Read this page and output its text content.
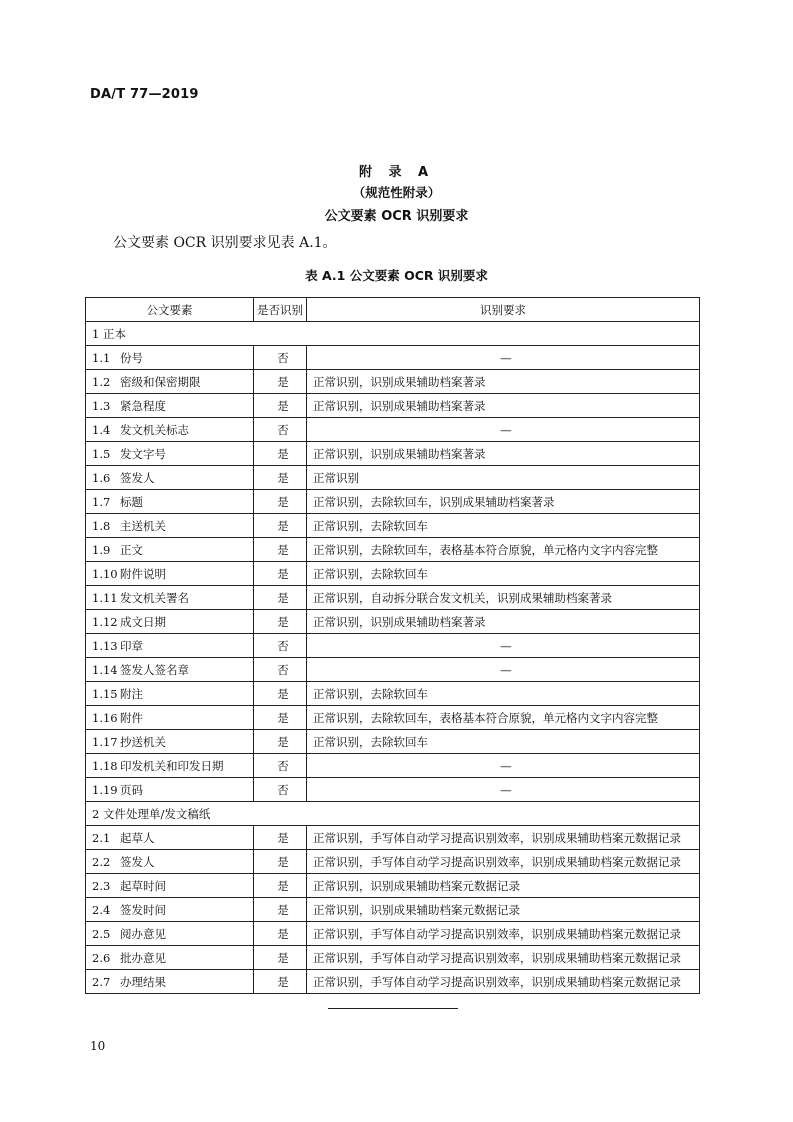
DA/T 77—2019
附 录 A
（规范性附录）
公文要素 OCR 识别要求
公文要素 OCR 识别要求见表 A.1。
表 A.1 公文要素 OCR 识别要求
公文要素	是否识别	识别要求
1 正本		
1.1 份号	否	—
1.2 密级和保密期限	是	正常识别，识别成果辅助档案著录
1.3 紧急程度	是	正常识别，识别成果辅助档案著录
1.4 发文机关标志	否	—
1.5 发文字号	是	正常识别，识别成果辅助档案著录
1.6 签发人	是	正常识别
1.7 标题	是	正常识别，去除软回车，识别成果辅助档案著录
1.8 主送机关	是	正常识别，去除软回车
1.9 正文	是	正常识别，去除软回车，表格基本符合原貌，单元格内文字内容完整
1.10 附件说明	是	正常识别，去除软回车
1.11 发文机关署名	是	正常识别，自动拆分联合发文机关，识别成果辅助档案著录
1.12 成文日期	是	正常识别，识别成果辅助档案著录
1.13 印章	否	—
1.14 签发人签名章	否	—
1.15 附注	是	正常识别，去除软回车
1.16 附件	是	正常识别，去除软回车，表格基本符合原貌，单元格内文字内容完整
1.17 抄送机关	是	正常识别，去除软回车
1.18 印发机关和印发日期	否	—
1.19 页码	否	—
2 文件处理单/发文稿纸		
2.1 起草人	是	正常识别，手写体自动学习提高识别效率，识别成果辅助档案元数据记录
2.2 签发人	是	正常识别，手写体自动学习提高识别效率，识别成果辅助档案元数据记录
2.3 起草时间	是	正常识别，识别成果辅助档案元数据记录
2.4 签发时间	是	正常识别，识别成果辅助档案元数据记录
2.5 阅办意见	是	正常识别，手写体自动学习提高识别效率，识别成果辅助档案元数据记录
2.6 批办意见	是	正常识别，手写体自动学习提高识别效率，识别成果辅助档案元数据记录
2.7 办理结果	是	正常识别，手写体自动学习提高识别效率，识别成果辅助档案元数据记录
10
